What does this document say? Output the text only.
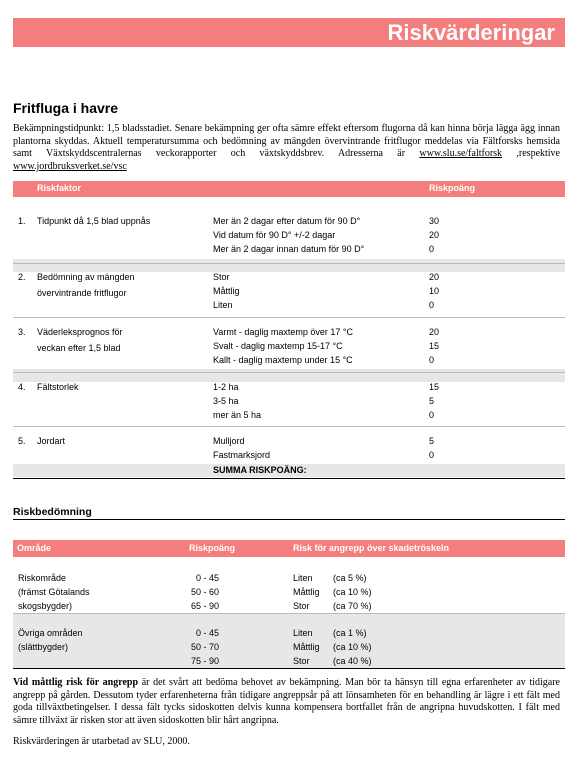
Riskvärderingar
Fritfluga i havre
Bekämpningstidpunkt: 1,5 bladsstadiet. Senare bekämpning ger ofta sämre effekt eftersom flugorna då kan hinna börja lägga ägg innan plantorna skyddas. Aktuell temperatursumma och bedömning av mängden övervintrande fritflugor meddelas via Fältforsks hemsida samt Växtskyddscentralernas veckorapporter och växtskyddsbrev. Adresserna är www.slu.se/faltforsk ,respektive www.jordbruksverket.se/vsc
Riskfaktor	Riskpoäng
1. Tidpunkt då 1,5 blad uppnås	Mer än 2 dagar efter datum för 90 D°	30
Vid datum för 90 D° +/-2 dagar	20
Mer än 2 dagar innan datum för 90 D°	0
2. Bedömning av mängden
övervintrande fritflugor
Stor	20
Måttlig	10
Liten	0
3. Väderleksprognos för
veckan efter 1,5 blad
Varmt - daglig maxtemp över 17 °C	20
Svalt - daglig maxtemp 15-17 °C	15
Kallt - daglig maxtemp under 15 °C	0
4. Fältstorlek	1-2 ha	15
3-5 ha	5
mer än 5 ha	0
5. Jordart	Mulljord	5
Fastmarksjord	0
SUMMA RISKPOÄNG:
Riskbedömning
Område	Riskpoäng	Risk för angrepp över skadetröskeln
Riskområde
(främst Götalands
skogsbygder)
0 - 45	Liten (ca 5 %)
50 - 60	Måttlig (ca 10 %)
65 - 90	Stor	(ca 70 %)
Övriga områden
(slättbygder)
0 - 45	Liten (ca 1 %)
50 - 70	Måttlig (ca 10 %)
75 - 90	Stor	(ca 40 %)
Vid måttlig risk för angrepp är det svårt att bedöma behovet av bekämpning. Man bör ta hänsyn till egna erfarenheter av tidigare angrepp på gården. Dessutom tyder erfarenheterna från tidigare angreppsår på att lönsamheten för en behandling är lägre i ett fält med goda tillväxtbetingelser. I dessa fält tycks sidoskotten delvis kunna kompensera bortfallet från de angripna huvudskotten. I fält med sämre tillväxt är risken stor att även sidoskotten blir hårt angripna.
Riskvärderingen är utarbetad av SLU, 2000.
